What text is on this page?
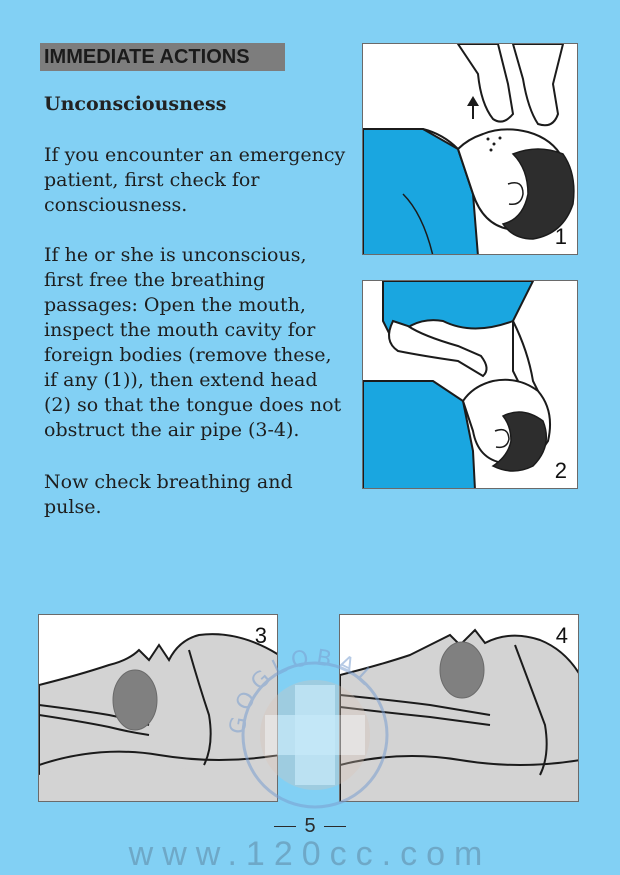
IMMEDIATE ACTIONS
Unconsciousness
If you encounter an emergency patient, first check for consciousness.
If he or she is unconscious, first free the breathing passages: Open the mouth, inspect the mouth cavity for foreign bodies (remove these, if any (1)), then extend head (2) so that the tongue does not obstruct the air pipe (3-4).
Now check breathing and pulse.
1
2
3	4
GOGLOBAL
5
www.120cc.com
